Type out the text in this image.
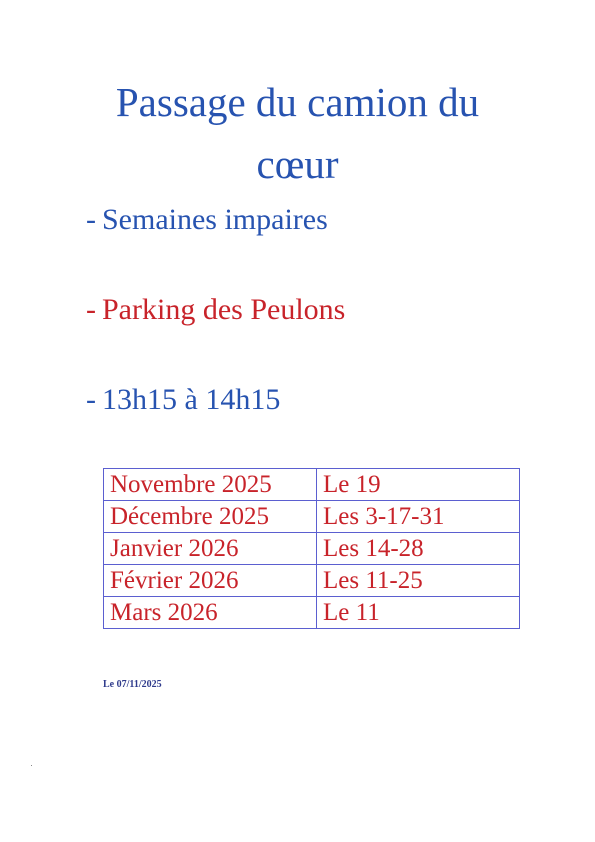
Passage du camion du
cœur
- Semaines impaires
- Parking des Peulons
- 13h15 à 14h15
Novembre 2025	Le 19
Décembre 2025	Les 3-17-31
Janvier 2026	Les 14-28
Février 2026	Les 11-25
Mars 2026	Le 11
Le 07/11/2025
